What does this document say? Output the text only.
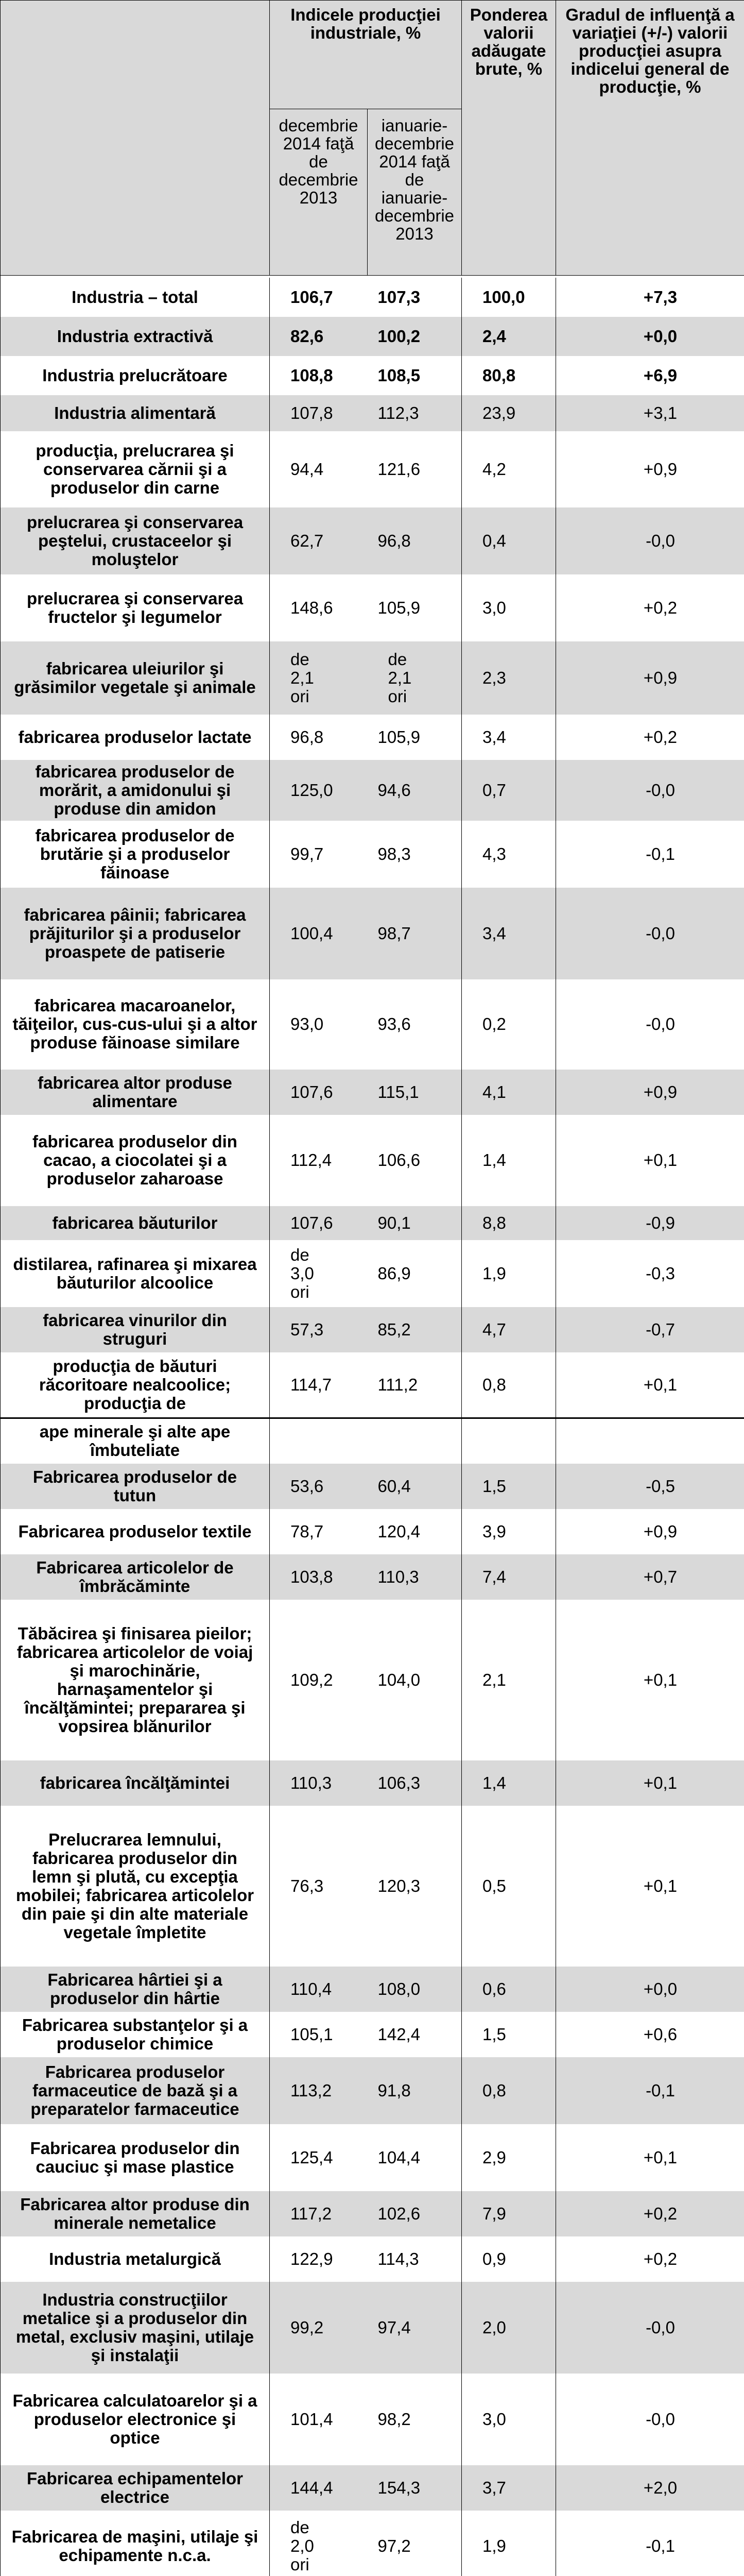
	Indicele producţiei industriale, %		Ponderea valorii adăugate brute, %	Gradul de influenţă a variaţiei (+/-) valorii producţiei asupra indicelui general de producţie, %
	decembrie 2014 faţă de decembrie 2013	ianuarie-decembrie 2014 faţă de ianuarie-decembrie 2013		

Industria – total	106,7	107,3	100,0	+7,3
Industria extractivă	82,6	100,2	2,4	+0,0
Industria prelucrătoare	108,8	108,5	80,8	+6,9
Industria alimentară	107,8	112,3	23,9	+3,1
producţia, prelucrarea şi conservarea cărnii şi a produselor din carne	94,4	121,6	4,2	+0,9
prelucrarea şi conservarea peştelui, crustaceelor şi moluştelor	62,7	96,8	0,4	-0,0
prelucrarea şi conservarea fructelor şi legumelor	148,6	105,9	3,0	+0,2
fabricarea uleiurilor şi grăsimilor vegetale şi animale	de 2,1 ori	de 2,1 ori	2,3	+0,9
fabricarea produselor lactate	96,8	105,9	3,4	+0,2
fabricarea produselor de morărit, a amidonului şi produse din amidon	125,0	94,6	0,7	-0,0
fabricarea produselor de brutărie şi a produselor făinoase	99,7	98,3	4,3	-0,1
fabricarea pâinii; fabricarea prăjiturilor şi a produselor proaspete de patiserie	100,4	98,7	3,4	-0,0
fabricarea macaroanelor, tăiţeilor, cus-cus-ului şi a altor produse făinoase similare	93,0	93,6	0,2	-0,0
fabricarea altor produse alimentare	107,6	115,1	4,1	+0,9
fabricarea produselor din cacao, a ciocolatei şi a produselor zaharoase	112,4	106,6	1,4	+0,1
fabricarea băuturilor	107,6	90,1	8,8	-0,9
distilarea, rafinarea şi mixarea băuturilor alcoolice	de 3,0 ori	86,9	1,9	-0,3
fabricarea vinurilor din struguri	57,3	85,2	4,7	-0,7
producţia de băuturi răcoritoare nealcoolice; producţia de	114,7	111,2	0,8	+0,1
ape minerale şi alte ape îmbuteliate				
Fabricarea produselor de tutun	53,6	60,4	1,5	-0,5
Fabricarea produselor textile	78,7	120,4	3,9	+0,9
Fabricarea articolelor de îmbrăcăminte	103,8	110,3	7,4	+0,7
Tăbăcirea şi finisarea pieilor; fabricarea articolelor de voiaj şi marochinărie, harnaşamentelor şi încălţămintei; prepararea şi vopsirea blănurilor	109,2	104,0	2,1	+0,1
fabricarea încălţămintei	110,3	106,3	1,4	+0,1
Prelucrarea lemnului, fabricarea produselor din lemn şi plută, cu excepţia mobilei; fabricarea articolelor din paie şi din alte materiale vegetale împletite	76,3	120,3	0,5	+0,1
Fabricarea hârtiei şi a produselor din hârtie	110,4	108,0	0,6	+0,0
Fabricarea substanţelor şi a produselor chimice	105,1	142,4	1,5	+0,6
Fabricarea produselor farmaceutice de bază şi a preparatelor farmaceutice	113,2	91,8	0,8	-0,1
Fabricarea produselor din cauciuc şi mase plastice	125,4	104,4	2,9	+0,1
Fabricarea altor produse din minerale nemetalice	117,2	102,6	7,9	+0,2
Industria metalurgică	122,9	114,3	0,9	+0,2
Industria construcţiilor metalice şi a produselor din metal, exclusiv maşini, utilaje şi instalaţii	99,2	97,4	2,0	-0,0
Fabricarea calculatoarelor şi a produselor electronice şi optice	101,4	98,2	3,0	-0,0
Fabricarea echipamentelor electrice	144,4	154,3	3,7	+2,0
Fabricarea de maşini, utilaje şi echipamente n.c.a.	de 2,0 ori	97,2	1,9	-0,1
